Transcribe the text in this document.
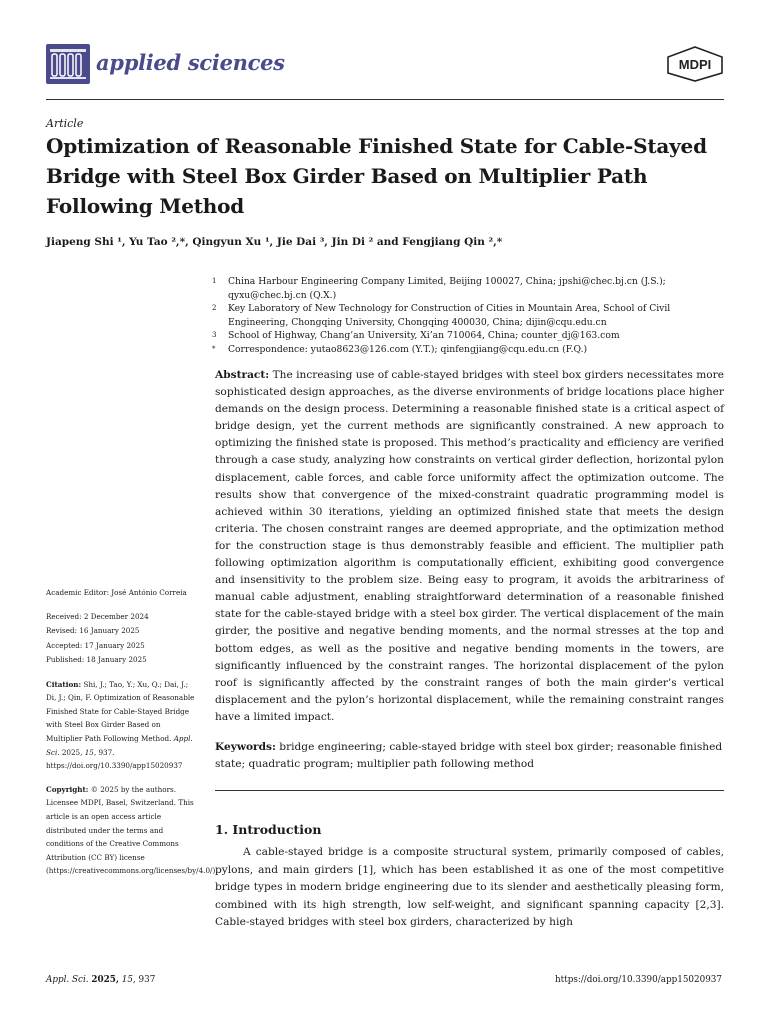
applied sciences	MDPI
Article
Optimization of Reasonable Finished State for Cable-Stayed Bridge with Steel Box Girder Based on Multiplier Path Following Method
Jiapeng Shi ¹, Yu Tao ²,*, Qingyun Xu ¹, Jie Dai ³, Jin Di ² and Fengjiang Qin ²,*
1	China Harbour Engineering Company Limited, Beijing 100027, China; jpshi@chec.bj.cn (J.S.); qyxu@chec.bj.cn (Q.X.)
2	Key Laboratory of New Technology for Construction of Cities in Mountain Area, School of Civil Engineering, Chongqing University, Chongqing 400030, China; dijin@cqu.edu.cn
3	School of Highway, Chang’an University, Xi’an 710064, China; counter_dj@163.com
*	Correspondence: yutao8623@126.com (Y.T.); qinfengjiang@cqu.edu.cn (F.Q.)
Abstract: The increasing use of cable-stayed bridges with steel box girders necessitates more sophisticated design approaches, as the diverse environments of bridge locations place higher demands on the design process. Determining a reasonable finished state is a critical aspect of bridge design, yet the current methods are significantly constrained. A new approach to optimizing the finished state is proposed. This method’s practicality and efficiency are verified through a case study, analyzing how constraints on vertical girder deflection, horizontal pylon displacement, cable forces, and cable force uniformity affect the optimization outcome. The results show that convergence of the mixed-constraint quadratic programming model is achieved within 30 iterations, yielding an optimized finished state that meets the design criteria. The chosen constraint ranges are deemed appropriate, and the optimization method for the construction stage is thus demonstrably feasible and efficient. The multiplier path following optimization algorithm is computationally efficient, exhibiting good convergence and insensitivity to the problem size. Being easy to program, it avoids the arbitrariness of manual cable adjustment, enabling straightforward determination of a reasonable finished state for the cable-stayed bridge with a steel box girder. The vertical displacement of the main girder, the positive and negative bending moments, and the normal stresses at the top and bottom edges, as well as the positive and negative bending moments in the towers, are significantly influenced by the constraint ranges. The horizontal displacement of the pylon roof is significantly affected by the constraint ranges of both the main girder’s vertical displacement and the pylon’s horizontal displacement, while the remaining constraint ranges have a limited impact.
Keywords: bridge engineering; cable-stayed bridge with steel box girder; reasonable finished state; quadratic program; multiplier path following method
1. Introduction
A cable-stayed bridge is a composite structural system, primarily composed of cables, pylons, and main girders [1], which has been established it as one of the most competitive bridge types in modern bridge engineering due to its slender and aesthetically pleasing form, combined with its high strength, low self-weight, and significant spanning capacity [2,3]. Cable-stayed bridges with steel box girders, characterized by high
Academic Editor: José António Correia
Received: 2 December 2024
Revised: 16 January 2025
Accepted: 17 January 2025
Published: 18 January 2025
Citation: Shi, J.; Tao, Y.; Xu, Q.; Dai, J.; Di, J.; Qin, F. Optimization of Reasonable Finished State for Cable-Stayed Bridge with Steel Box Girder Based on Multiplier Path Following Method. Appl. Sci. 2025, 15, 937. https://doi.org/10.3390/app15020937
Copyright: © 2025 by the authors. Licensee MDPI, Basel, Switzerland. This article is an open access article distributed under the terms and conditions of the Creative Commons Attribution (CC BY) license (https://creativecommons.org/licenses/by/4.0/).
Appl. Sci. 2025, 15, 937	https://doi.org/10.3390/app15020937
